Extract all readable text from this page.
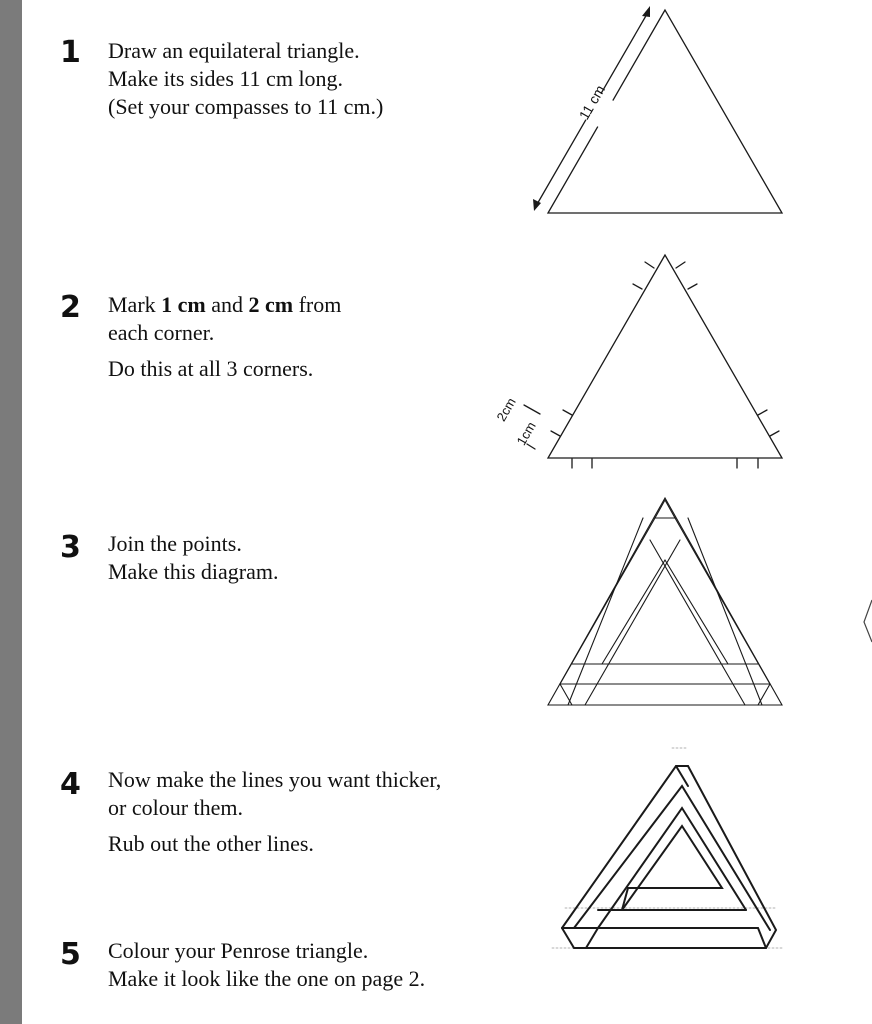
1 Draw an equilateral triangle.
Make its sides 11 cm long.
(Set your compasses to 11 cm.)
2 Mark 1 cm and 2 cm from
each corner.
Do this at all 3 corners.
3 Join the points.
Make this diagram.
4 Now make the lines you want thicker,
or colour them.
Rub out the other lines.
5 Colour your Penrose triangle.
Make it look like the one on page 2.
11 cm
2cm
1cm
